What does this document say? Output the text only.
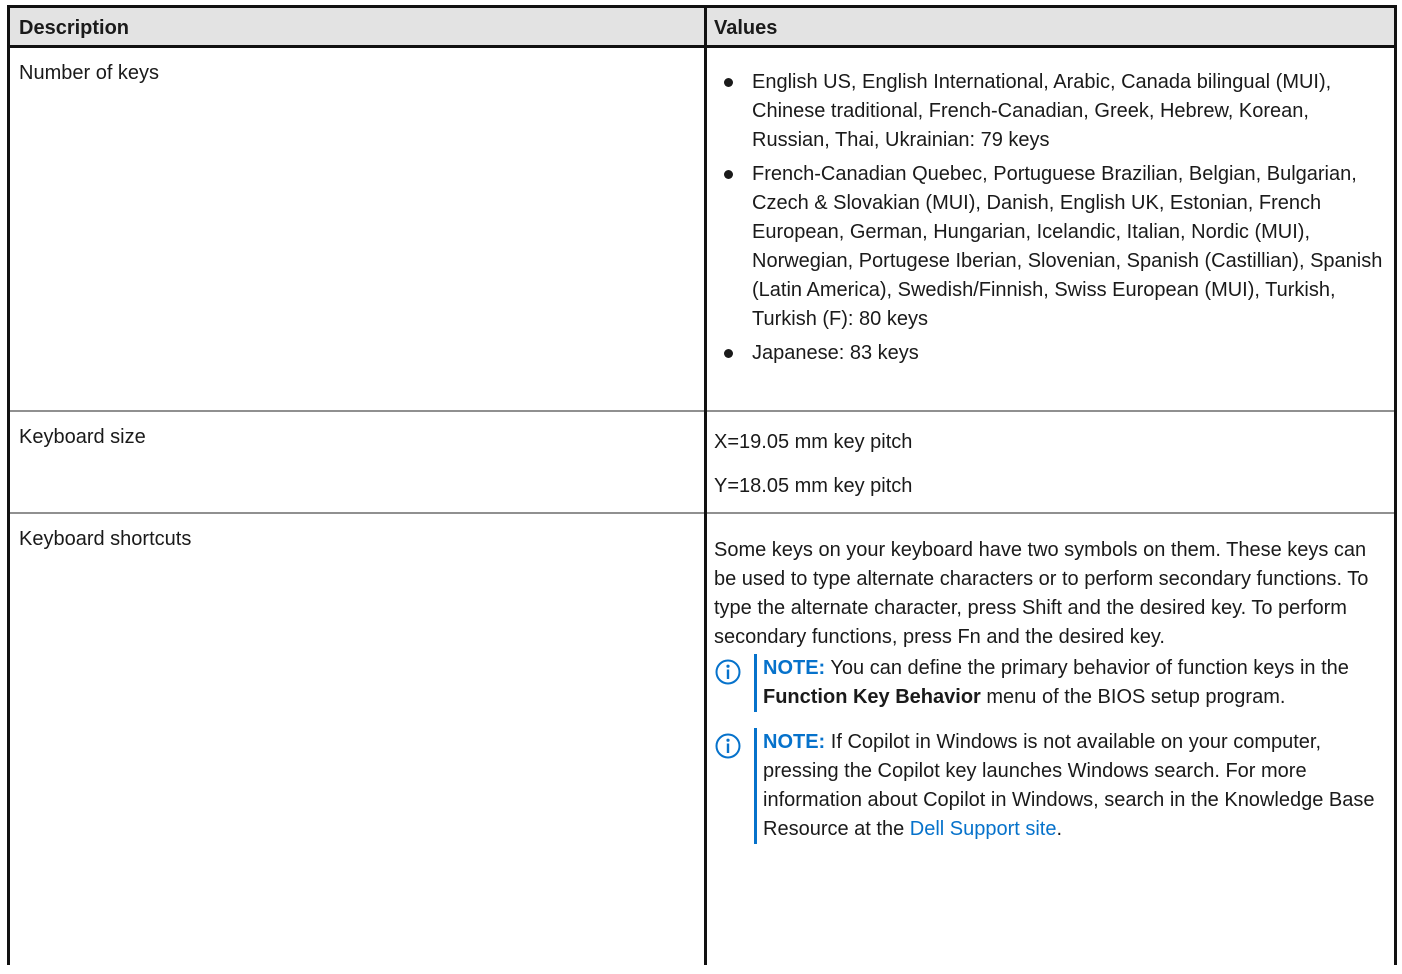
Description	Values
Number of keys	English US, English International, Arabic, Canada bilingual (MUI), Chinese traditional, French-Canadian, Greek, Hebrew, Korean, Russian, Thai, Ukrainian: 79 keys
French-Canadian Quebec, Portuguese Brazilian, Belgian, Bulgarian, Czech & Slovakian (MUI), Danish, English UK, Estonian, French European, German, Hungarian, Icelandic, Italian, Nordic (MUI), Norwegian, Portugese Iberian, Slovenian, Spanish (Castillian), Spanish (Latin America), Swedish/Finnish, Swiss European (MUI), Turkish, Turkish (F): 80 keys
Japanese: 83 keys
Keyboard size	X=19.05 mm key pitch
Y=18.05 mm key pitch
Keyboard shortcuts	Some keys on your keyboard have two symbols on them. These keys can be used to type alternate characters or to perform secondary functions. To type the alternate character, press Shift and the desired key. To perform secondary functions, press Fn and the desired key.

NOTE: You can define the primary behavior of function keys in the Function Key Behavior menu of the BIOS setup program.
NOTE: If Copilot in Windows is not available on your computer, pressing the Copilot key launches Windows search. For more information about Copilot in Windows, search in the Knowledge Base Resource at the Dell Support site.
